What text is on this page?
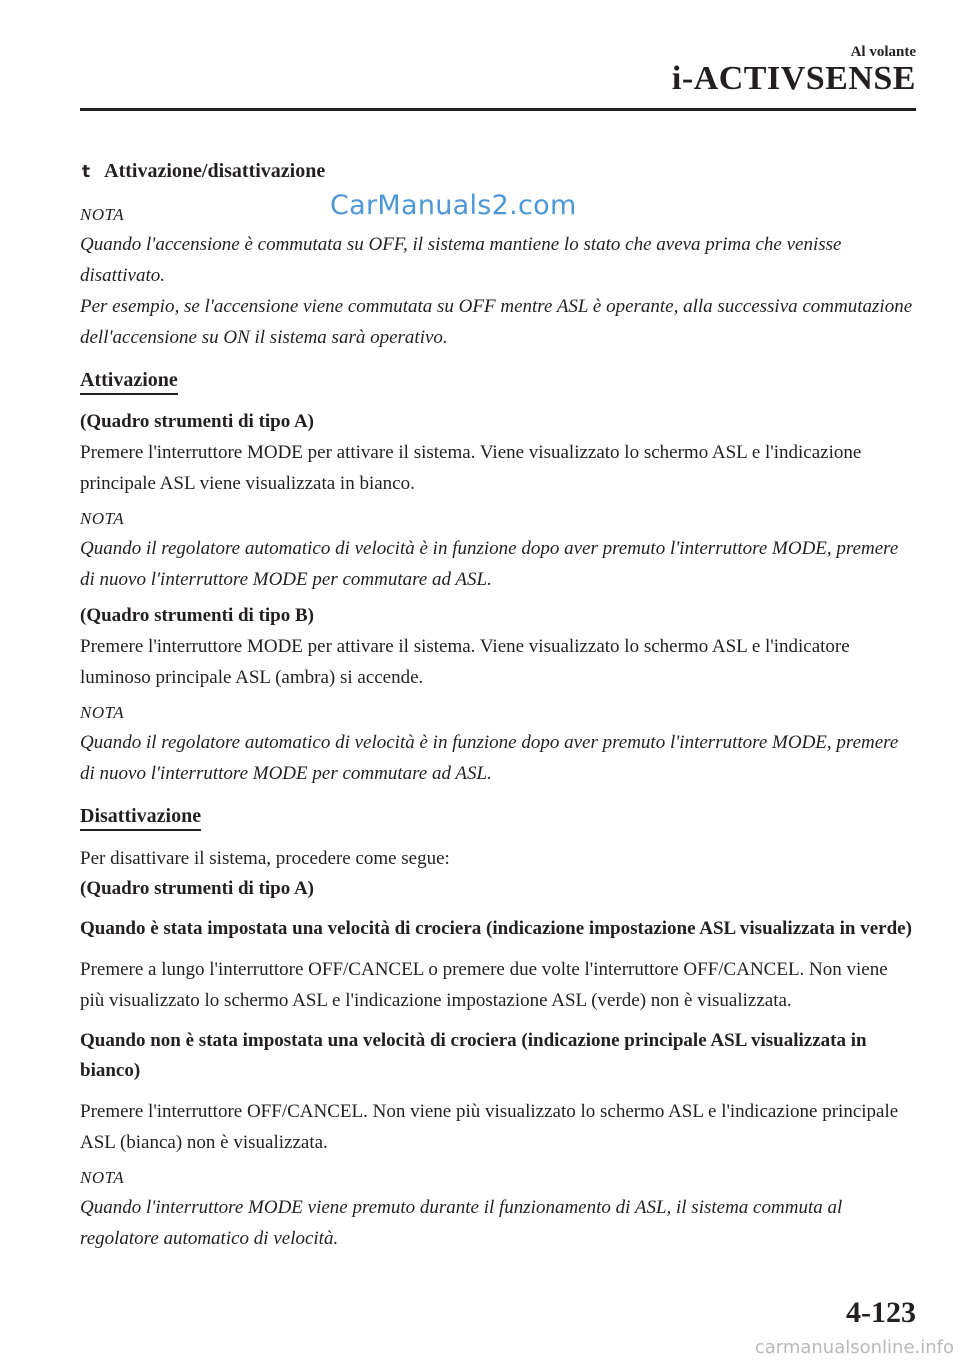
Al volante
i-ACTIVSENSE
CarManuals2.com
t Attivazione/disattivazione
NOTA

Quando l'accensione è commutata su OFF, il sistema mantiene lo stato che aveva prima che venisse disattivato.

Per esempio, se l'accensione viene commutata su OFF mentre ASL è operante, alla successiva commutazione dell'accensione su ON il sistema sarà operativo.

Attivazione

(Quadro strumenti di tipo A)

Premere l'interruttore MODE per attivare il sistema. Viene visualizzato lo schermo ASL e l'indicazione principale ASL viene visualizzata in bianco.

NOTA

Quando il regolatore automatico di velocità è in funzione dopo aver premuto l'interruttore MODE, premere di nuovo l'interruttore MODE per commutare ad ASL.

(Quadro strumenti di tipo B)

Premere l'interruttore MODE per attivare il sistema. Viene visualizzato lo schermo ASL e l'indicatore luminoso principale ASL (ambra) si accende.

NOTA

Quando il regolatore automatico di velocità è in funzione dopo aver premuto l'interruttore MODE, premere di nuovo l'interruttore MODE per commutare ad ASL.

Disattivazione

Per disattivare il sistema, procedere come segue:

(Quadro strumenti di tipo A)

Quando è stata impostata una velocità di crociera (indicazione impostazione ASL visualizzata in verde)

Premere a lungo l'interruttore OFF/CANCEL o premere due volte l'interruttore OFF/CANCEL. Non viene più visualizzato lo schermo ASL e l'indicazione impostazione ASL (verde) non è visualizzata.

Quando non è stata impostata una velocità di crociera (indicazione principale ASL visualizzata in bianco)

Premere l'interruttore OFF/CANCEL. Non viene più visualizzato lo schermo ASL e l'indicazione principale ASL (bianca) non è visualizzata.

NOTA

Quando l'interruttore MODE viene premuto durante il funzionamento di ASL, il sistema commuta al regolatore automatico di velocità.

4-123
carmanualsonline.info
